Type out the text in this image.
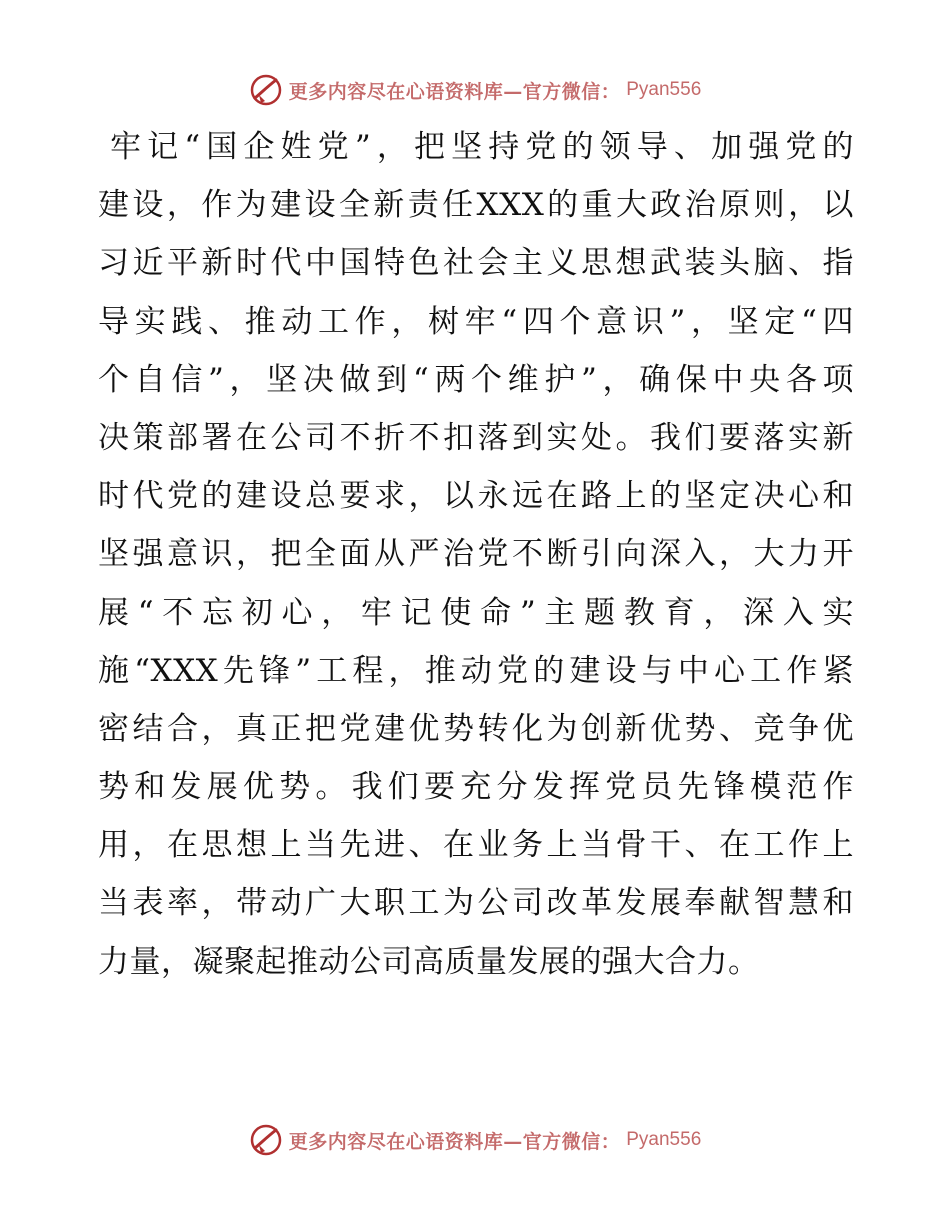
更多内容尽在心语资料库—官方微信： Pyan556
牢记“国企姓党”，把坚持党的领导、加强党的
建设，作为建设全新责任XXX的重大政治原则，以
习近平新时代中国特色社会主义思想武装头脑、指
导实践、推动工作，树牢“四个意识”，坚定“四
个自信”，坚决做到“两个维护”，确保中央各项
决策部署在公司不折不扣落到实处。我们要落实新
时代党的建设总要求，以永远在路上的坚定决心和
坚强意识，把全面从严治党不断引向深入，大力开
展“不忘初心，牢记使命”主题教育，深入实
施“XXX先锋”工程，推动党的建设与中心工作紧
密结合，真正把党建优势转化为创新优势、竞争优
势和发展优势。我们要充分发挥党员先锋模范作
用，在思想上当先进、在业务上当骨干、在工作上
当表率，带动广大职工为公司改革发展奉献智慧和
力量，凝聚起推动公司高质量发展的强大合力。
更多内容尽在心语资料库—官方微信： Pyan556
